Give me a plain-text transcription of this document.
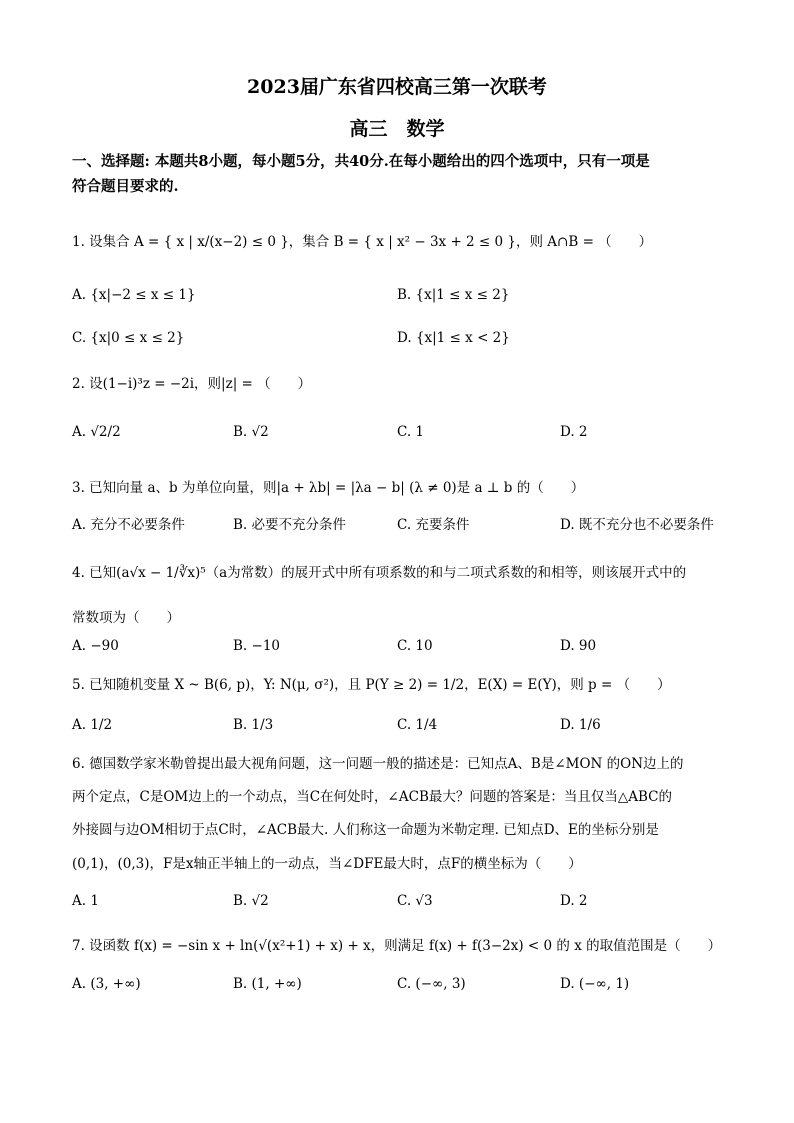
2023届广东省四校高三第一次联考
高三　数学
一、选择题: 本题共8小题，每小题5分，共40分.在每小题给出的四个选项中，只有一项是
符合题目要求的.
1. 设集合 A = { x | x/(x−2) ≤ 0 }，集合 B = { x | x² − 3x + 2 ≤ 0 }，则 A∩B = （　　）
A. {x|−2 ≤ x ≤ 1}	B. {x|1 ≤ x ≤ 2}
C. {x|0 ≤ x ≤ 2}	D. {x|1 ≤ x < 2}
2. 设(1−i)³z = −2i，则|z| = （　　）
A. √2/2	B. √2	C. 1	D. 2
3. 已知向量 a、b 为单位向量，则|a + λb| = |λa − b| (λ ≠ 0)是 a ⊥ b 的（　　）
A. 充分不必要条件	B. 必要不充分条件	C. 充要条件	D. 既不充分也不必要条件
4. 已知(a√x − 1/∛x)⁵（a为常数）的展开式中所有项系数的和与二项式系数的和相等，则该展开式中的
常数项为（　　）
A. −90	B. −10	C. 10	D. 90
5. 已知随机变量 X ~ B(6, p)，Y: N(μ, σ²)，且 P(Y ≥ 2) = 1/2，E(X) = E(Y)，则 p = （　　）
A. 1/2	B. 1/3	C. 1/4	D. 1/6
6. 德国数学家米勒曾提出最大视角问题，这一问题一般的描述是：已知点A、B是∠MON 的ON边上的
两个定点，C是OM边上的一个动点，当C在何处时，∠ACB最大？问题的答案是：当且仅当△ABC的
外接圆与边OM相切于点C时，∠ACB最大. 人们称这一命题为米勒定理. 已知点D、E的坐标分别是
(0,1)，(0,3)，F是x轴正半轴上的一动点，当∠DFE最大时，点F的横坐标为（　　）
A. 1	B. √2	C. √3	D. 2
7. 设函数 f(x) = −sin x + ln(√(x²+1) + x) + x，则满足 f(x) + f(3−2x) < 0 的 x 的取值范围是（　　）
A. (3, +∞)	B. (1, +∞)	C. (−∞, 3)	D. (−∞, 1)
